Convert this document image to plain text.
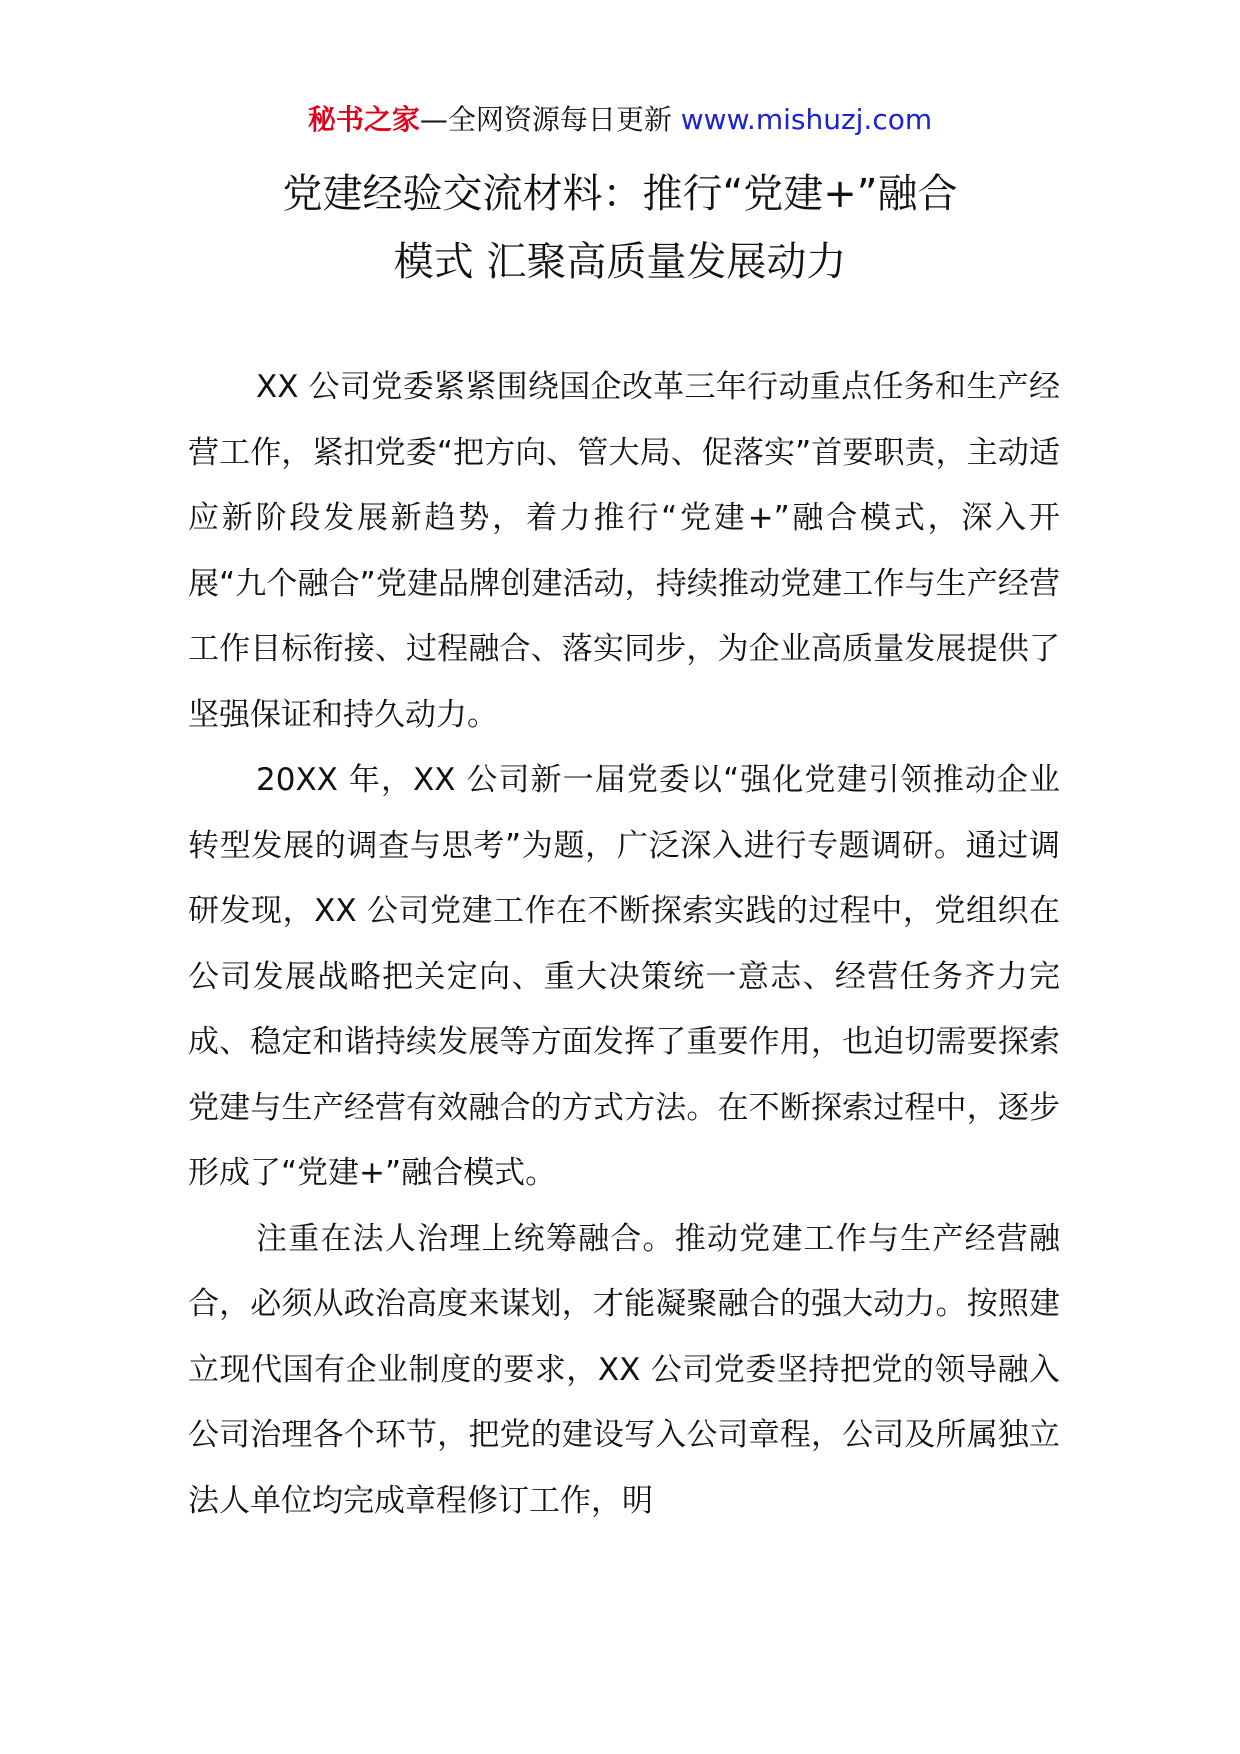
秘书之家—全网资源每日更新 www.mishuzj.com
党建经验交流材料：推行“党建+”融合
模式 汇聚高质量发展动力

XX 公司党委紧紧围绕国企改革三年行动重点任务和生产经营工作，紧扣党委“把方向、管大局、促落实”首要职责，主动适应新阶段发展新趋势，着力推行“党建+”融合模式，深入开展“九个融合”党建品牌创建活动，持续推动党建工作与生产经营工作目标衔接、过程融合、落实同步，为企业高质量发展提供了坚强保证和持久动力。

20XX 年，XX 公司新一届党委以“强化党建引领推动企业转型发展的调查与思考”为题，广泛深入进行专题调研。通过调研发现，XX 公司党建工作在不断探索实践的过程中，党组织在公司发展战略把关定向、重大决策统一意志、经营任务齐力完成、稳定和谐持续发展等方面发挥了重要作用，也迫切需要探索党建与生产经营有效融合的方式方法。在不断探索过程中，逐步形成了“党建+”融合模式。

注重在法人治理上统筹融合。推动党建工作与生产经营融合，必须从政治高度来谋划，才能凝聚融合的强大动力。按照建立现代国有企业制度的要求，XX 公司党委坚持把党的领导融入公司治理各个环节，把党的建设写入公司章程，公司及所属独立法人单位均完成章程修订工作，明
